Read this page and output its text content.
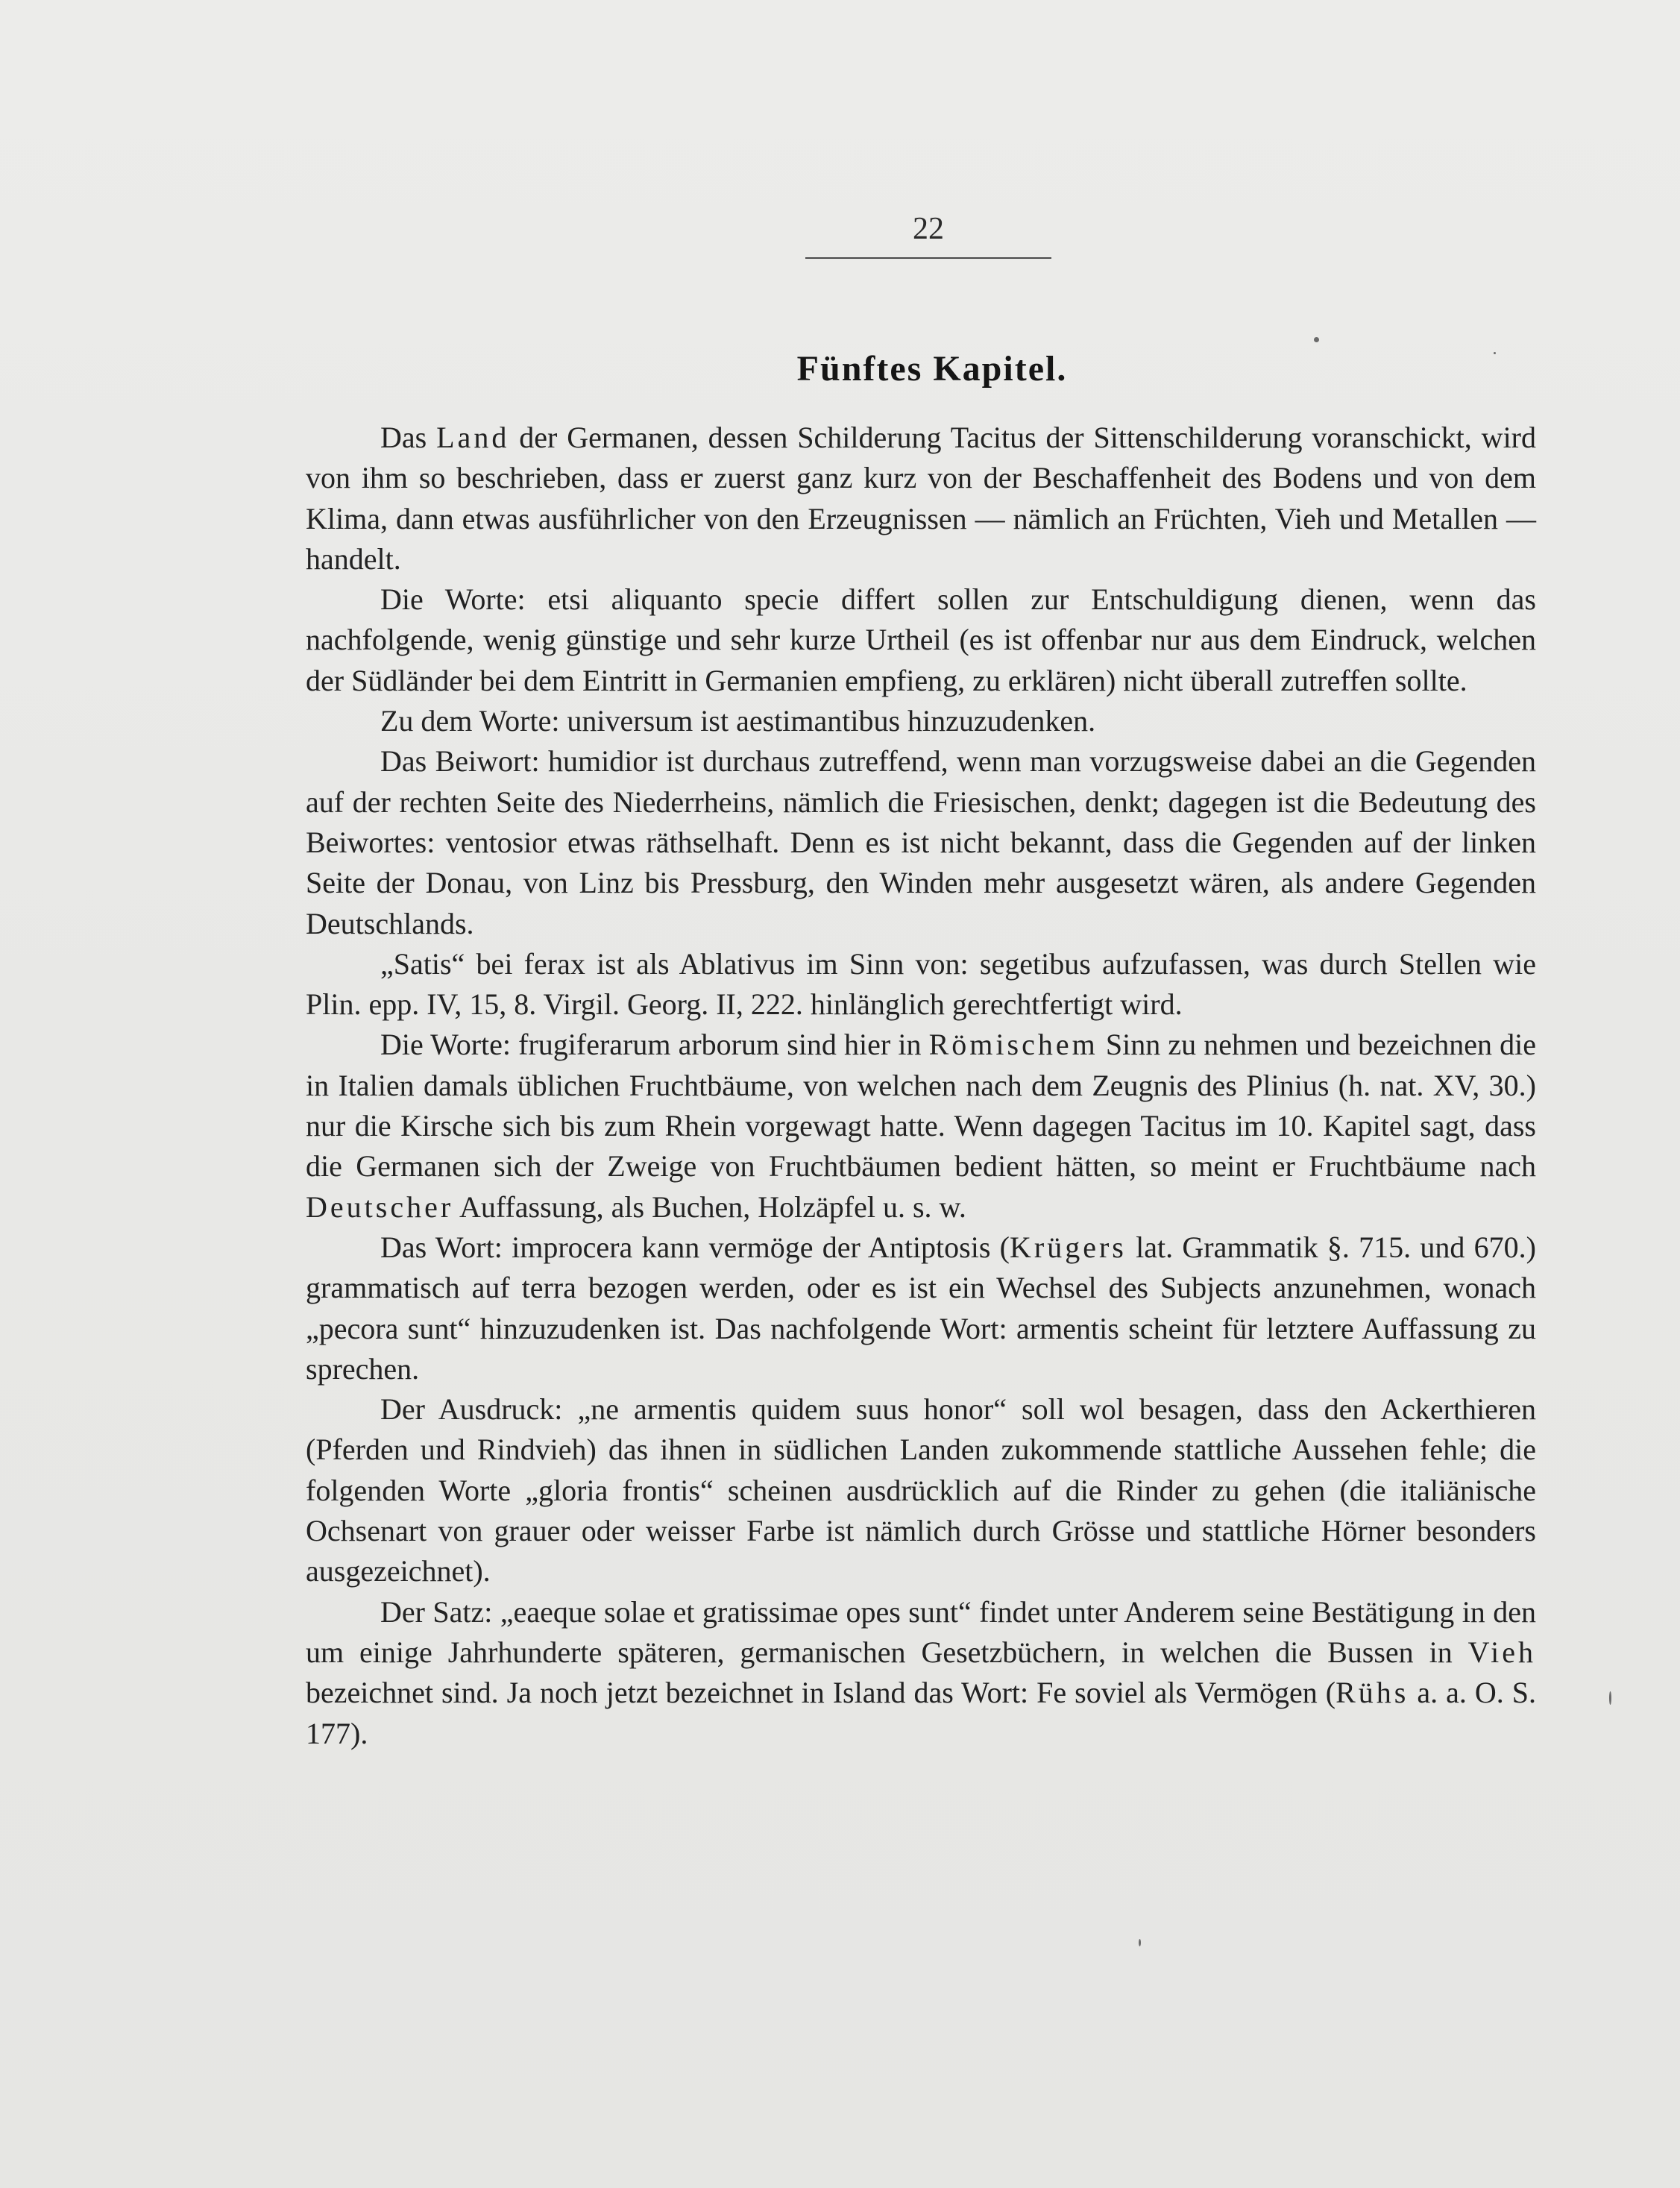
22
Fünftes Kapitel.

Das Land der Germanen, dessen Schilderung Tacitus der Sittenschilderung voranschickt, wird von ihm so beschrieben, dass er zuerst ganz kurz von der Beschaffenheit des Bodens und von dem Klima, dann etwas ausführlicher von den Erzeugnissen — nämlich an Früchten, Vieh und Metallen — handelt.

Die Worte: etsi aliquanto specie differt sollen zur Entschuldigung dienen, wenn das nachfolgende, wenig günstige und sehr kurze Urtheil (es ist offenbar nur aus dem Eindruck, welchen der Südländer bei dem Eintritt in Germanien empfieng, zu erklären) nicht überall zutreffen sollte.

Zu dem Worte: universum ist aestimantibus hinzuzudenken.

Das Beiwort: humidior ist durchaus zutreffend, wenn man vorzugsweise dabei an die Gegenden auf der rechten Seite des Niederrheins, nämlich die Friesischen, denkt; dagegen ist die Bedeutung des Beiwortes: ventosior etwas räthselhaft. Denn es ist nicht bekannt, dass die Gegenden auf der linken Seite der Donau, von Linz bis Pressburg, den Winden mehr ausgesetzt wären, als andere Gegenden Deutschlands.

„Satis“ bei ferax ist als Ablativus im Sinn von: segetibus aufzufassen, was durch Stellen wie Plin. epp. IV, 15, 8. Virgil. Georg. II, 222. hinlänglich gerechtfertigt wird.

Die Worte: frugiferarum arborum sind hier in Römischem Sinn zu nehmen und bezeichnen die in Italien damals üblichen Fruchtbäume, von welchen nach dem Zeugnis des Plinius (h. nat. XV, 30.) nur die Kirsche sich bis zum Rhein vorgewagt hatte. Wenn dagegen Tacitus im 10. Kapitel sagt, dass die Germanen sich der Zweige von Fruchtbäumen bedient hätten, so meint er Fruchtbäume nach Deutscher Auffassung, als Buchen, Holzäpfel u. s. w.

Das Wort: improcera kann vermöge der Antiptosis (Krügers lat. Grammatik §. 715. und 670.) grammatisch auf terra bezogen werden, oder es ist ein Wechsel des Subjects anzunehmen, wonach „pecora sunt“ hinzuzudenken ist. Das nachfolgende Wort: armentis scheint für letztere Auffassung zu sprechen.

Der Ausdruck: „ne armentis quidem suus honor“ soll wol besagen, dass den Ackerthieren (Pferden und Rindvieh) das ihnen in südlichen Landen zukommende stattliche Aussehen fehle; die folgenden Worte „gloria frontis“ scheinen ausdrücklich auf die Rinder zu gehen (die italiänische Ochsenart von grauer oder weisser Farbe ist nämlich durch Grösse und stattliche Hörner besonders ausgezeichnet).

Der Satz: „eaeque solae et gratissimae opes sunt“ findet unter Anderem seine Bestätigung in den um einige Jahrhunderte späteren, germanischen Gesetzbüchern, in welchen die Bussen in Vieh bezeichnet sind. Ja noch jetzt bezeichnet in Island das Wort: Fe soviel als Vermögen (Rühs a. a. O. S. 177).
